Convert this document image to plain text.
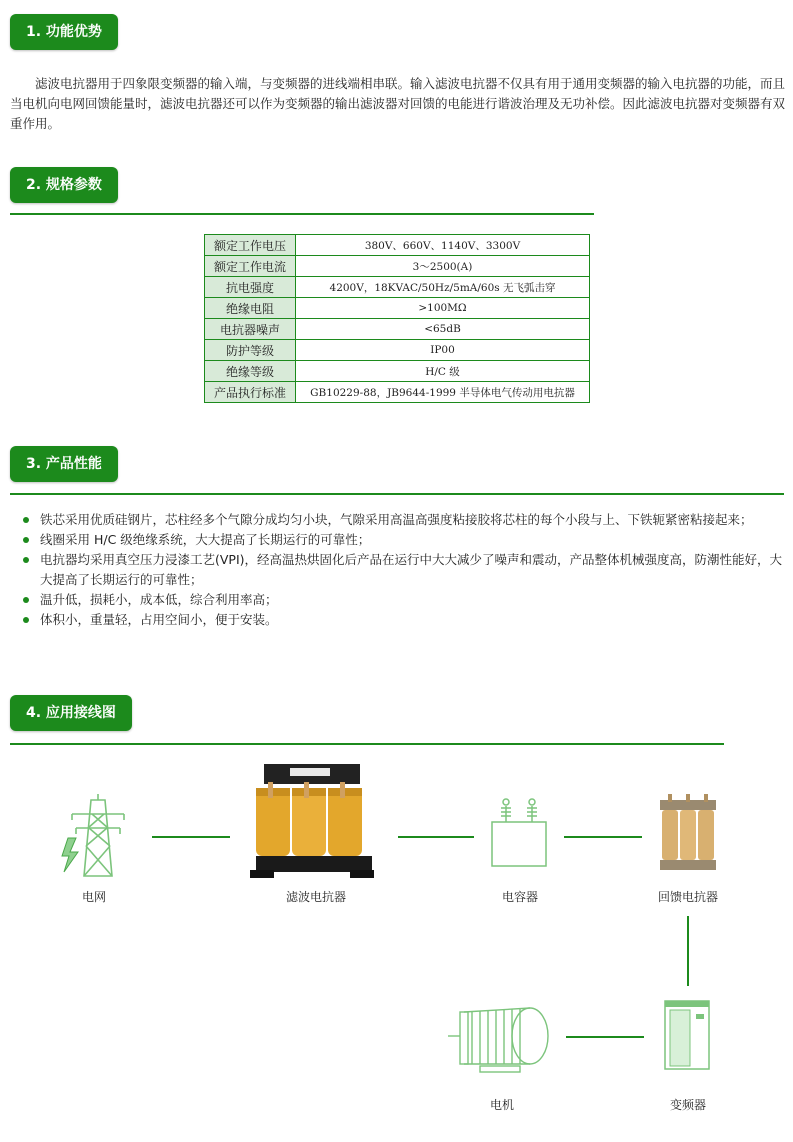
1. 功能优势

滤波电抗器用于四象限变频器的输入端，与变频器的进线端相串联。输入滤波电抗器不仅具有用于通用变频器的输入电抗器的功能，而且当电机向电网回馈能量时，滤波电抗器还可以作为变频器的输出滤波器对回馈的电能进行谐波治理及无功补偿。因此滤波电抗器对变频器有双重作用。

2. 规格参数
额定工作电压	380V、660V、1140V、3300V
额定工作电流	3～2500(A)
抗电强度	4200V，18KVAC/50Hz/5mA/60s 无飞弧击穿
绝缘电阻	>100MΩ
电抗器噪声	<65dB
防护等级	IP00
绝缘等级	H/C 级
产品执行标准	GB10229-88，JB9644-1999 半导体电气传动用电抗器
3. 产品性能
铁芯采用优质硅钢片，芯柱经多个气隙分成均匀小块，气隙采用高温高强度粘接胶将芯柱的每个小段与上、下铁轭紧密粘接起来；
线圈采用 H/C 级绝缘系统，大大提高了长期运行的可靠性；
电抗器均采用真空压力浸漆工艺(VPI)，经高温热烘固化后产品在运行中大大减少了噪声和震动，产品整体机械强度高，防潮性能好，大大提高了长期运行的可靠性；
温升低，损耗小，成本低，综合利用率高；
体积小，重量轻，占用空间小，便于安装。
4. 应用接线图
电网	滤波电抗器	电容器	回馈电抗器
变频器
电机
